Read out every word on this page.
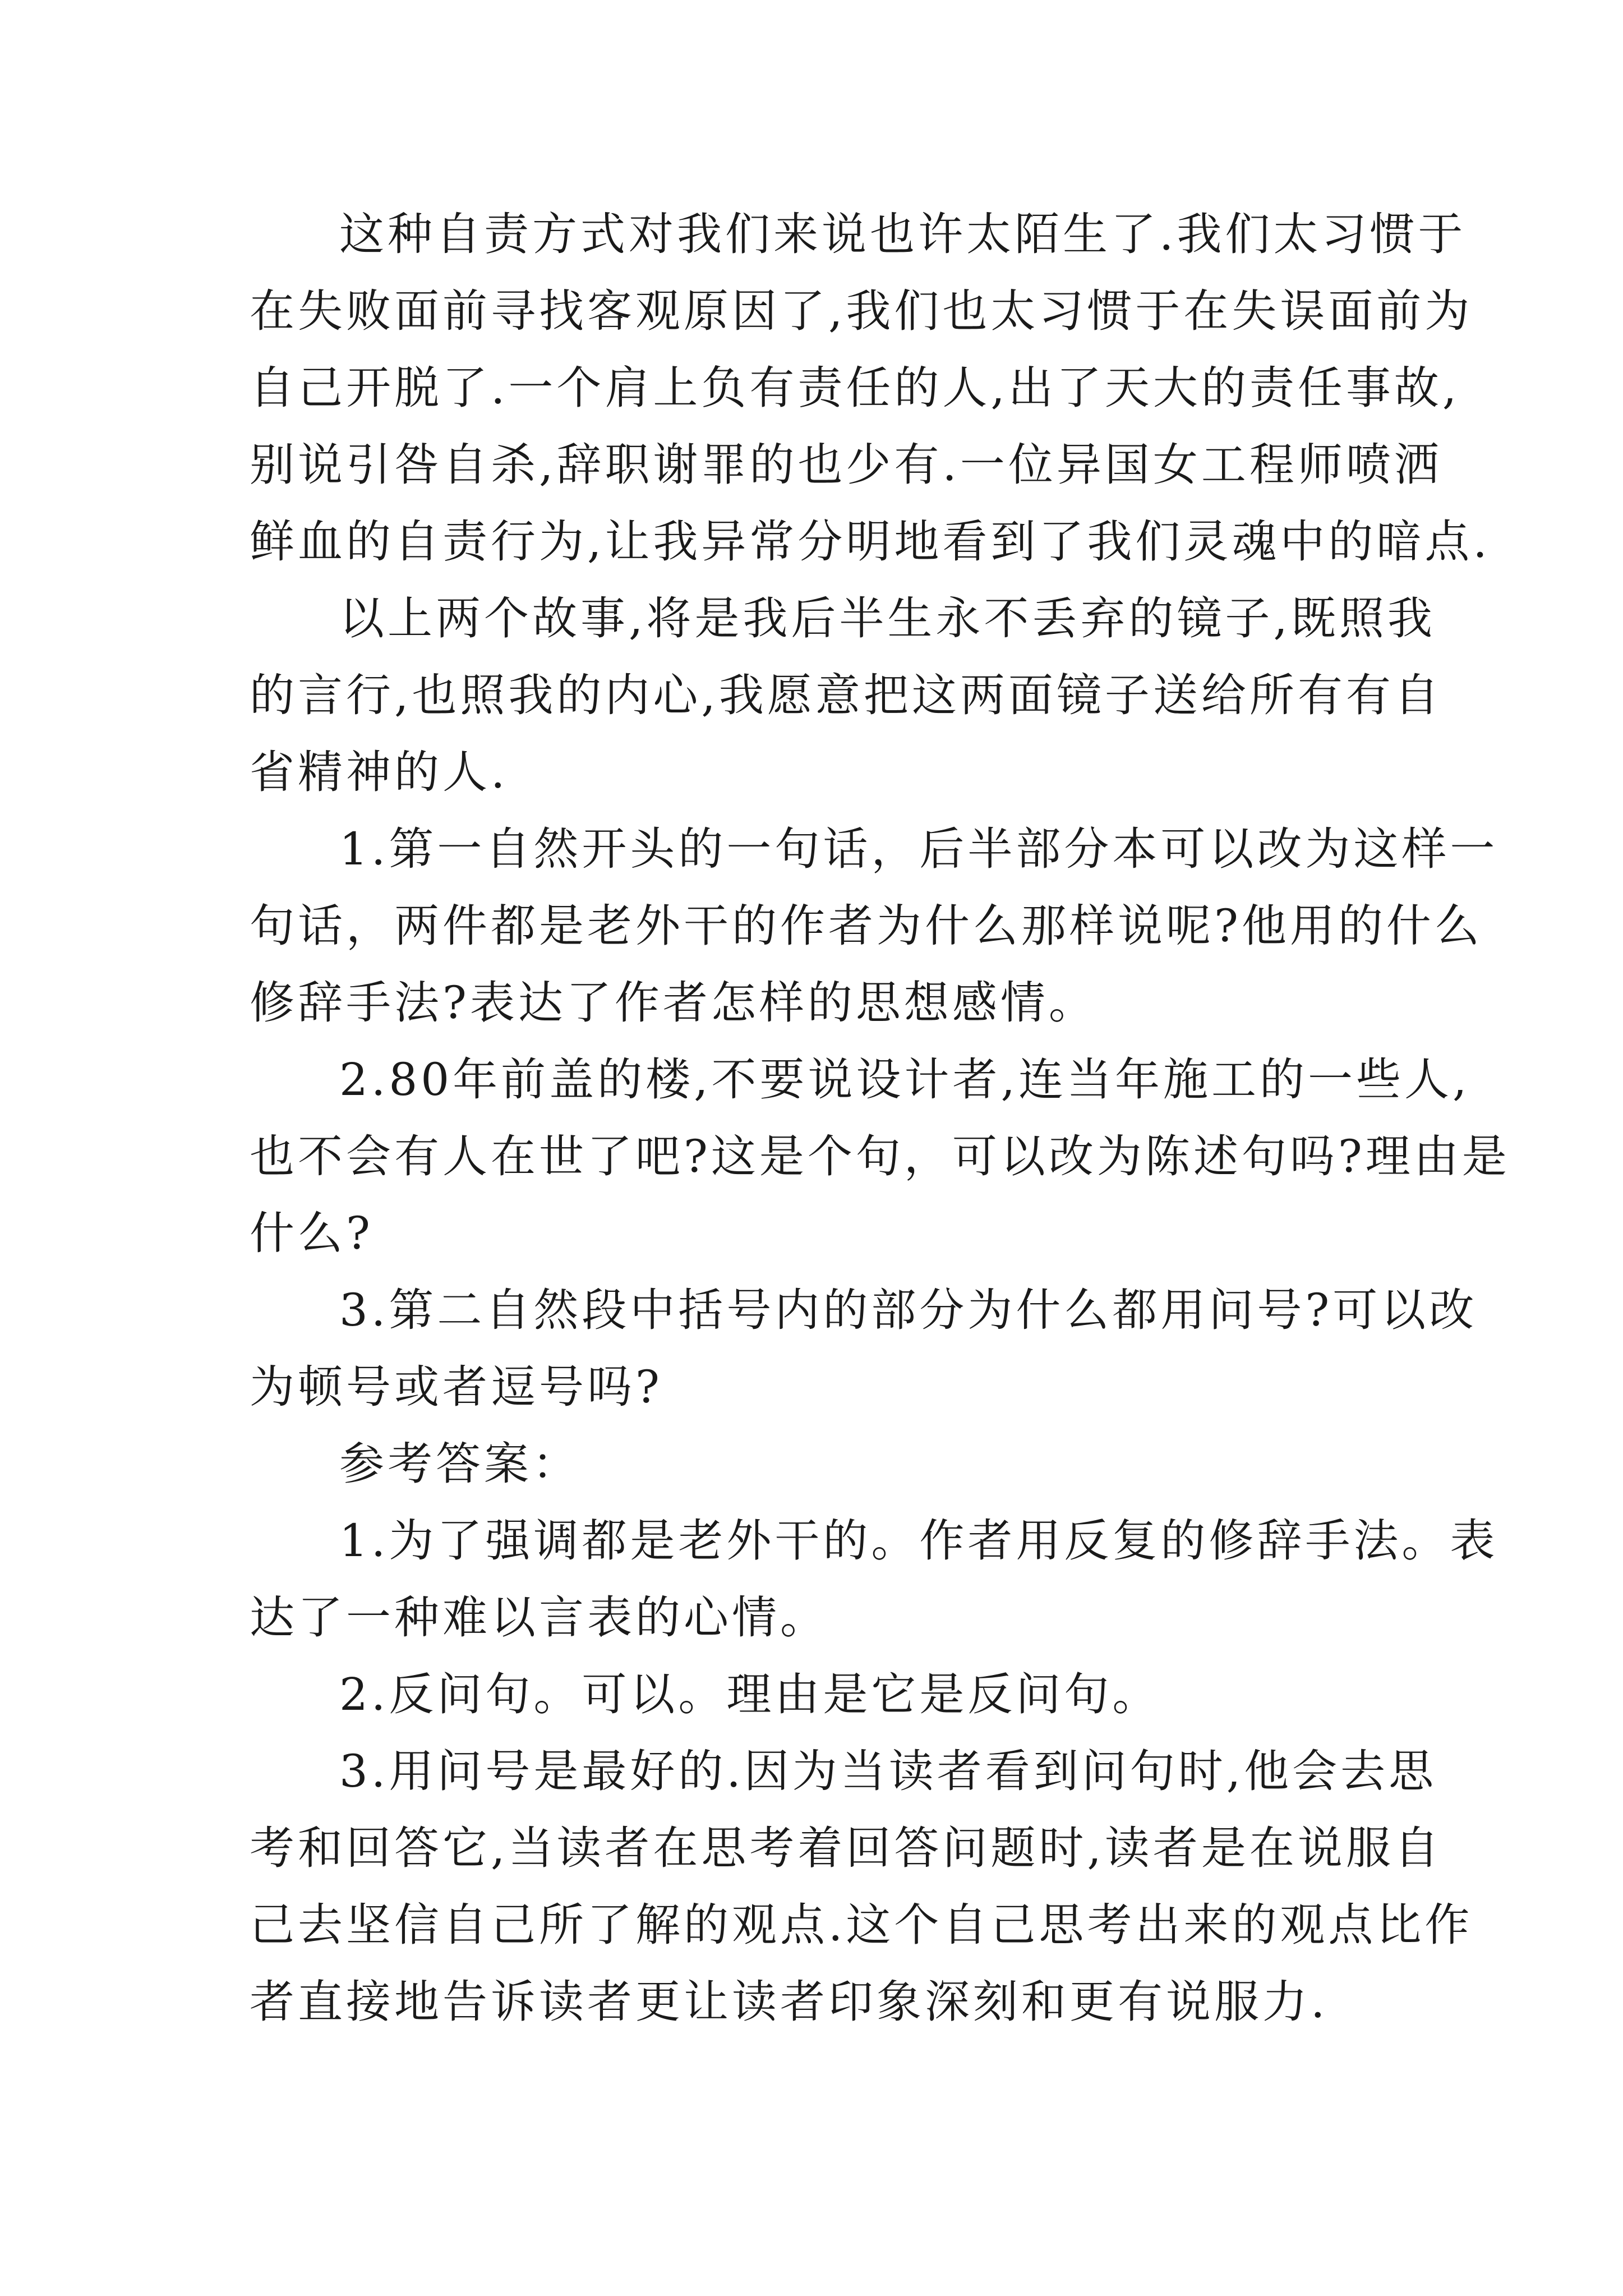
这种自责方式对我们来说也许太陌生了.我们太习惯于
在失败面前寻找客观原因了,我们也太习惯于在失误面前为
自己开脱了.一个肩上负有责任的人,出了天大的责任事故,
别说引咎自杀,辞职谢罪的也少有.一位异国女工程师喷洒
鲜血的自责行为,让我异常分明地看到了我们灵魂中的暗点.
以上两个故事,将是我后半生永不丢弃的镜子,既照我
的言行,也照我的内心,我愿意把这两面镜子送给所有有自
省精神的人.
1.第一自然开头的一句话，后半部分本可以改为这样一
句话，两件都是老外干的作者为什么那样说呢?他用的什么
修辞手法?表达了作者怎样的思想感情。
2.80年前盖的楼,不要说设计者,连当年施工的一些人,
也不会有人在世了吧?这是个句，可以改为陈述句吗?理由是
什么?
3.第二自然段中括号内的部分为什么都用问号?可以改
为顿号或者逗号吗?
参考答案：
1.为了强调都是老外干的。作者用反复的修辞手法。表
达了一种难以言表的心情。
2.反问句。可以。理由是它是反问句。
3.用问号是最好的.因为当读者看到问句时,他会去思
考和回答它,当读者在思考着回答问题时,读者是在说服自
己去坚信自己所了解的观点.这个自己思考出来的观点比作
者直接地告诉读者更让读者印象深刻和更有说服力.
